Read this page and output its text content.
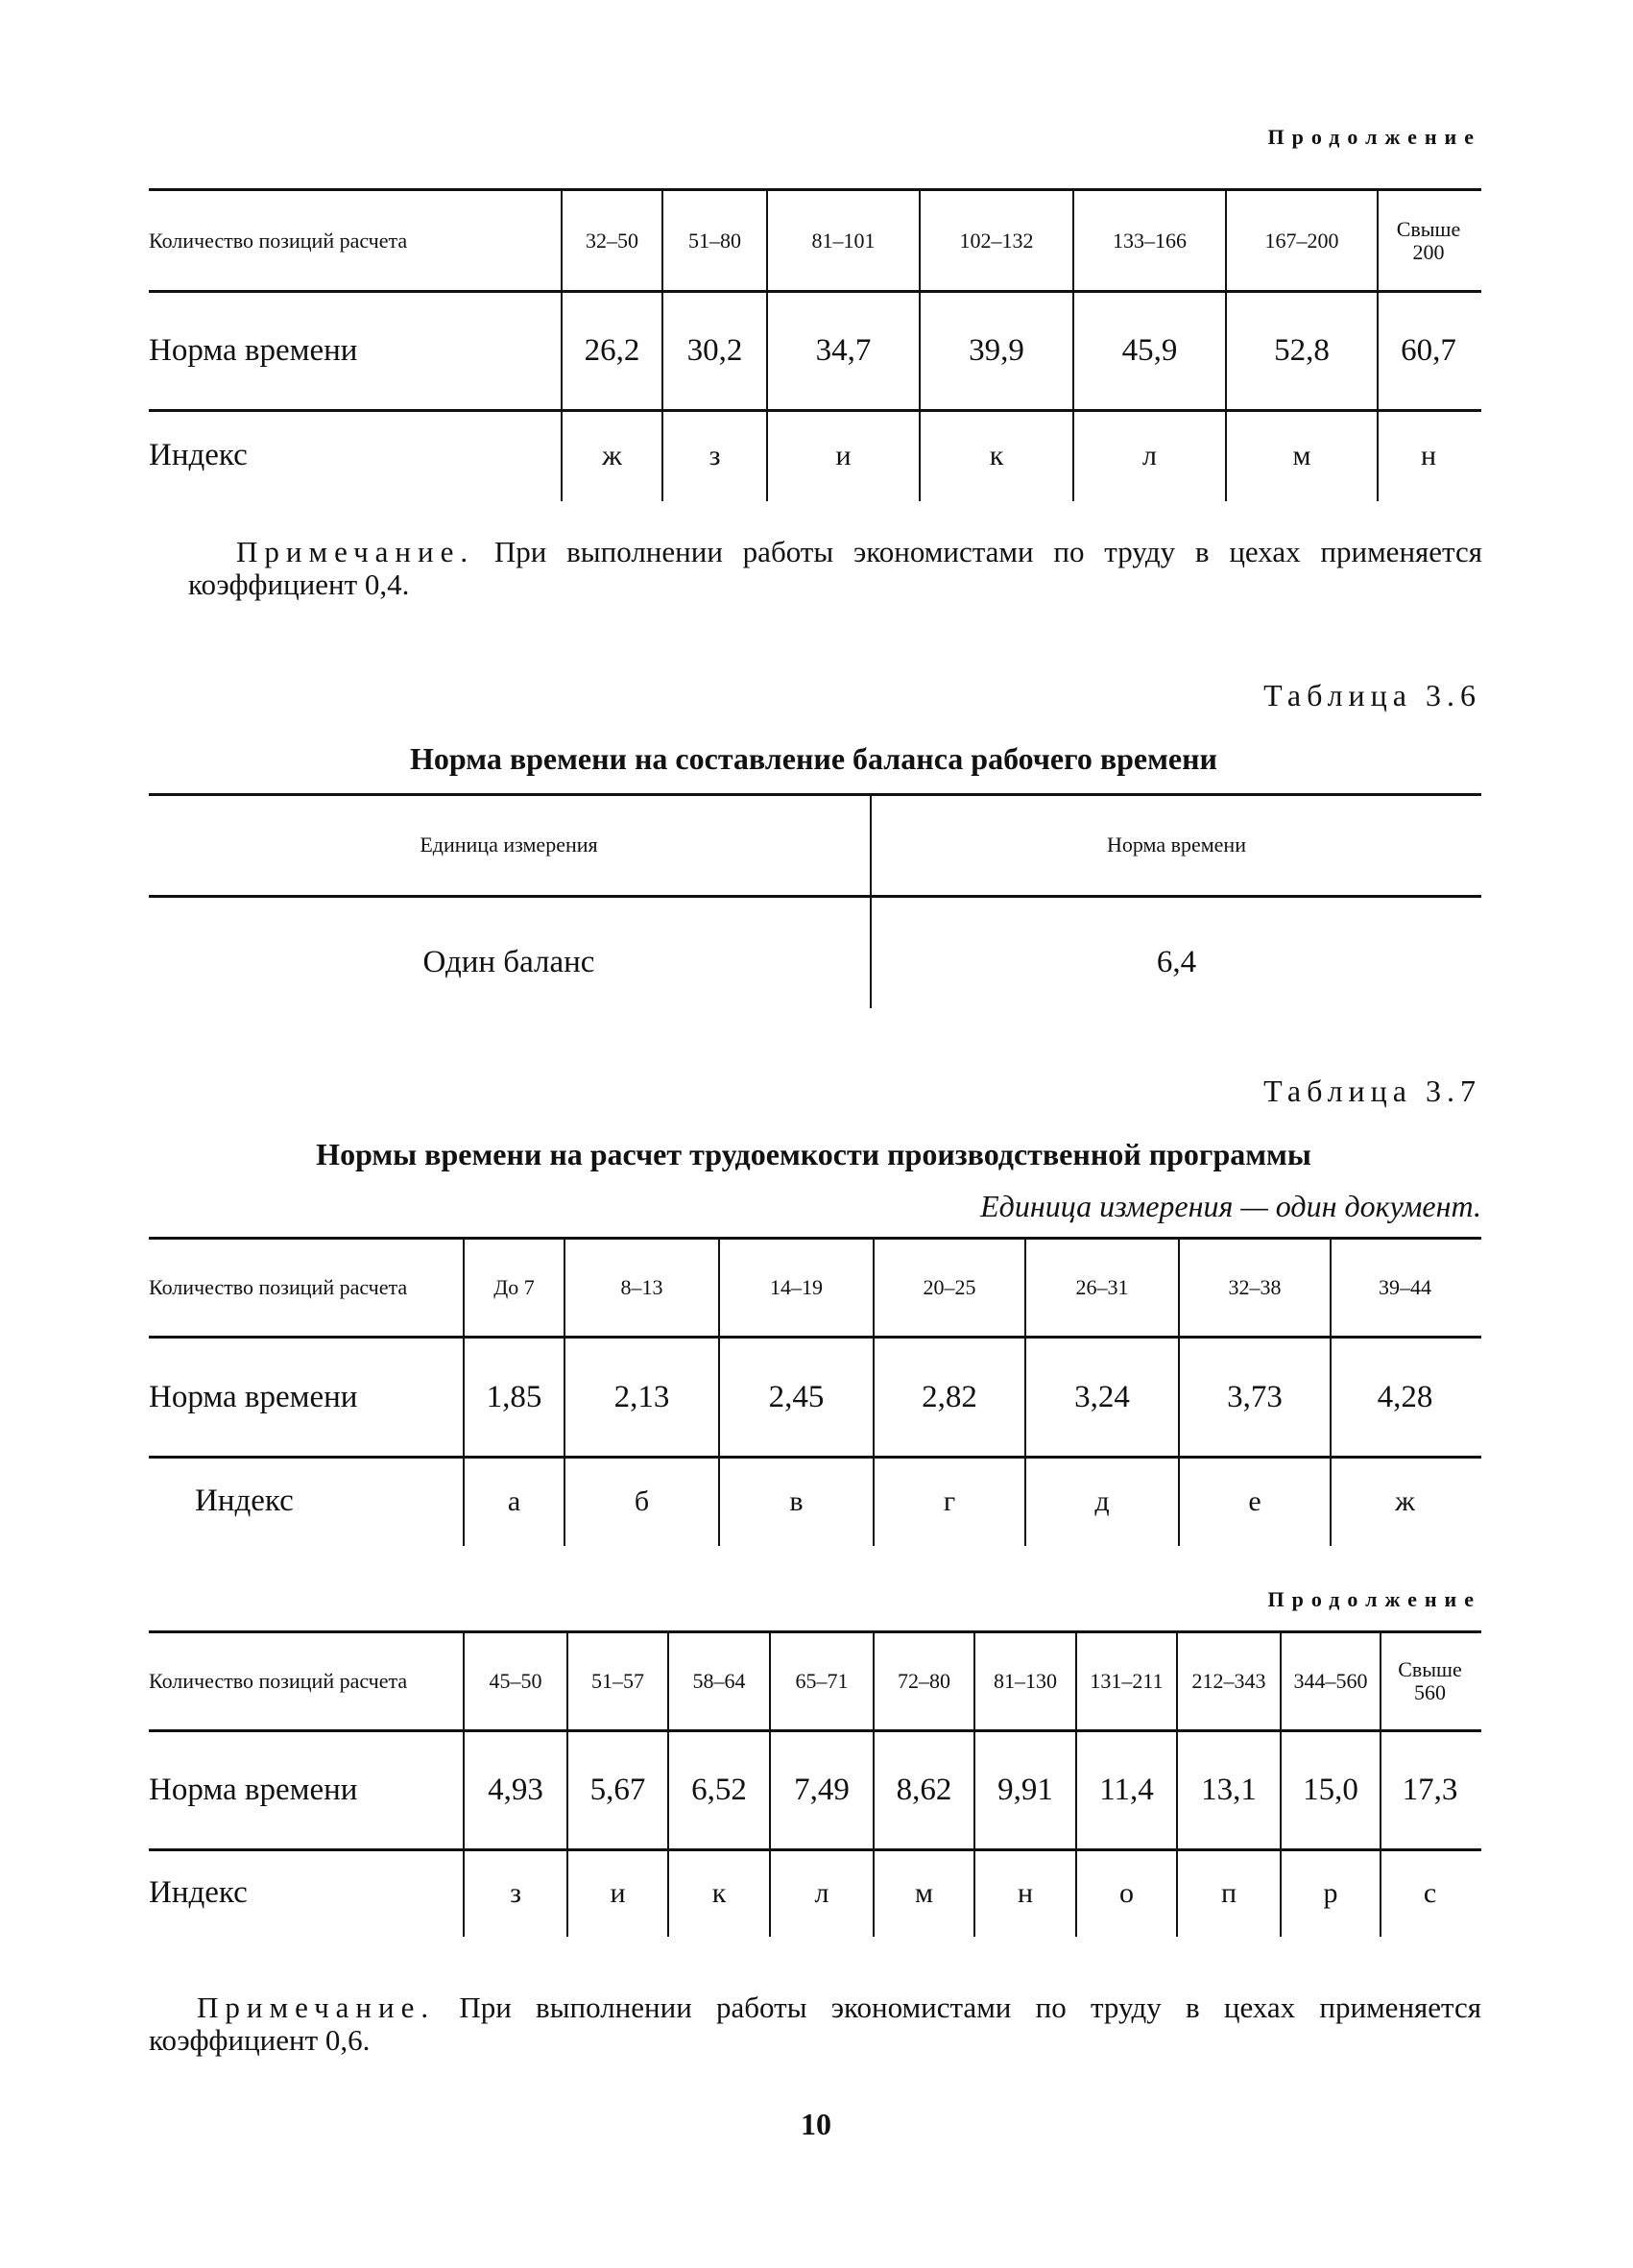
Продолжение
Количество позиций расчета	32–50	51–80	81–101	102–132	133–166	167–200	Свыше 200
Норма времени	26,2	30,2	34,7	39,9	45,9	52,8	60,7
Индекс	ж	з	и	к	л	м	н
Примечание. При выполнении работы экономистами по труду в цехах применяется коэффициент 0,4.
Таблица 3.6
Норма времени на составление баланса рабочего времени
Единица измерения	Норма времени
Один баланс	6,4
Таблица 3.7
Нормы времени на расчет трудоемкости производственной программы
Единица измерения — один документ.
Количество позиций расчета	До 7	8–13	14–19	20–25	26–31	32–38	39–44
Норма времени	1,85	2,13	2,45	2,82	3,24	3,73	4,28
Индекс	а	б	в	г	д	е	ж
Продолжение
Количество позиций расчета	45–50	51–57	58–64	65–71	72–80	81–130	131–211	212–343	344–560	Свыше 560
Норма времени	4,93	5,67	6,52	7,49	8,62	9,91	11,4	13,1	15,0	17,3
Индекс	з	и	к	л	м	н	о	п	р	с
Примечание. При выполнении работы экономистами по труду в цехах применяется коэффициент 0,6.
10
